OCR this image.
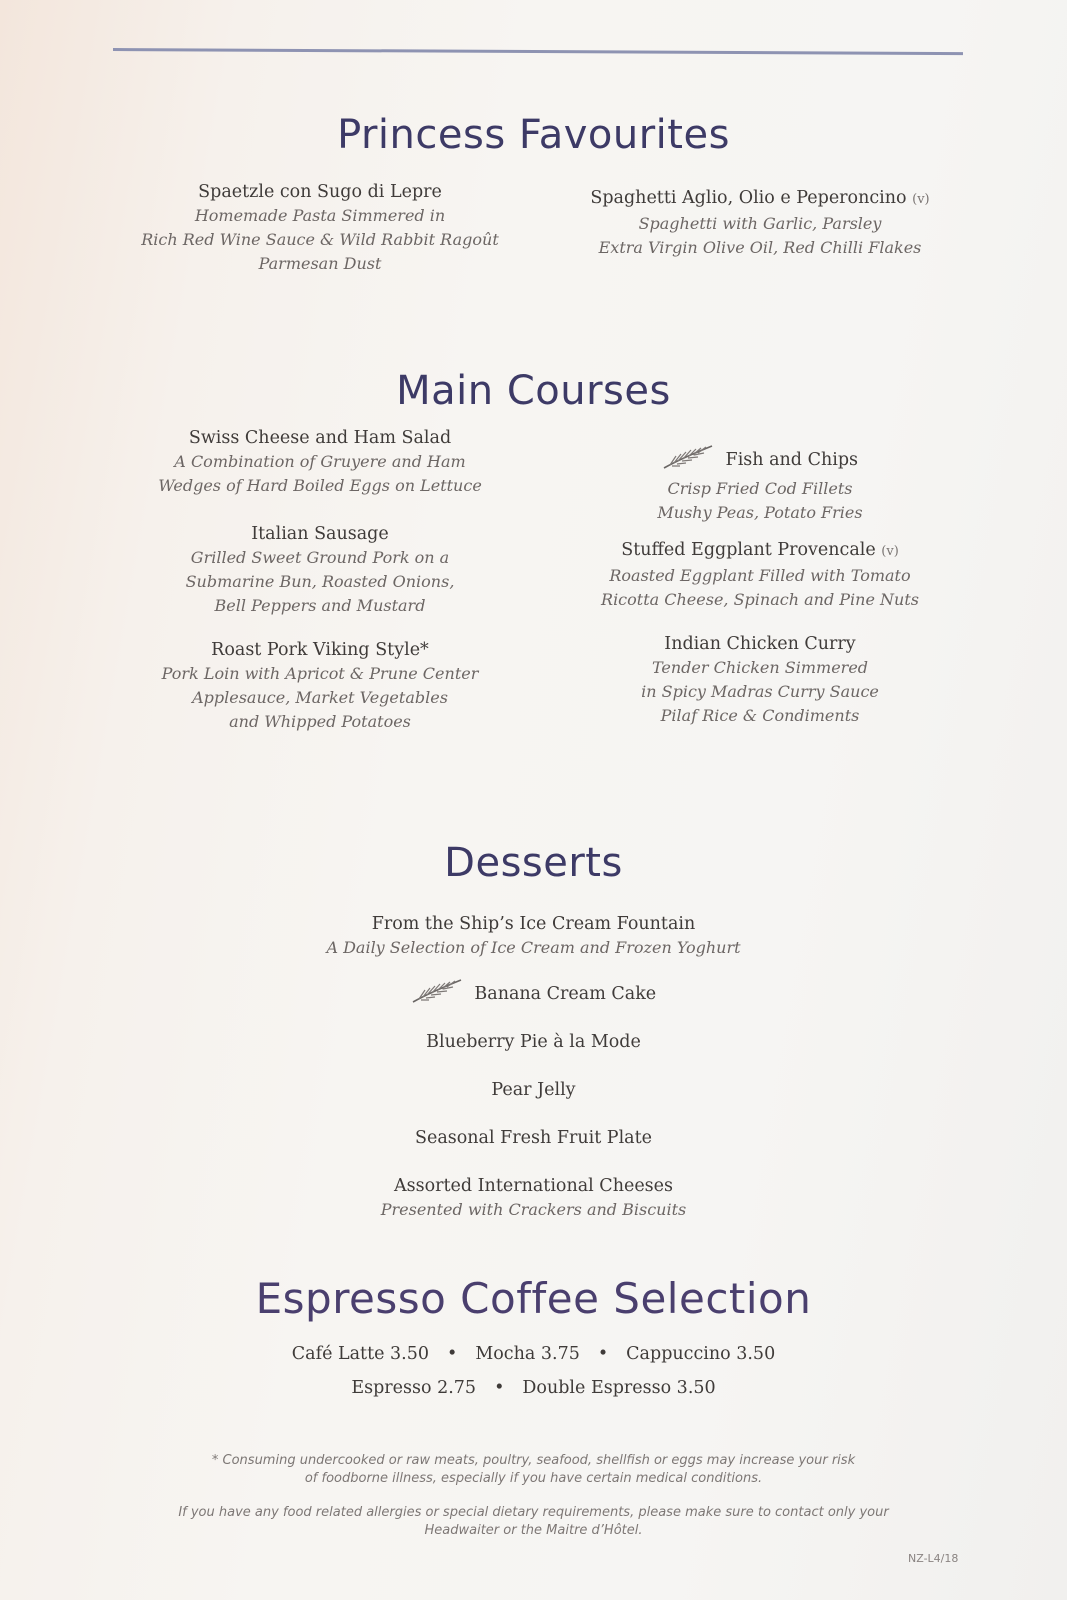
Princess Favourites
Spaetzle con Sugo di Lepre
Homemade Pasta Simmered in
Rich Red Wine Sauce & Wild Rabbit Ragoût
Parmesan Dust
Spaghetti Aglio, Olio e Peperoncino (v)
Spaghetti with Garlic, Parsley
Extra Virgin Olive Oil, Red Chilli Flakes
Main Courses
Swiss Cheese and Ham Salad
A Combination of Gruyere and Ham
Wedges of Hard Boiled Eggs on Lettuce
Italian Sausage
Grilled Sweet Ground Pork on a
Submarine Bun, Roasted Onions,
Bell Peppers and Mustard
Roast Pork Viking Style*
Pork Loin with Apricot & Prune Center
Applesauce, Market Vegetables
and Whipped Potatoes
Fish and Chips
Crisp Fried Cod Fillets
Mushy Peas, Potato Fries
Stuffed Eggplant Provencale (v)
Roasted Eggplant Filled with Tomato
Ricotta Cheese, Spinach and Pine Nuts
Indian Chicken Curry
Tender Chicken Simmered
in Spicy Madras Curry Sauce
Pilaf Rice & Condiments
Desserts
From the Ship’s Ice Cream Fountain
A Daily Selection of Ice Cream and Frozen Yoghurt
Banana Cream Cake
Blueberry Pie à la Mode
Pear Jelly
Seasonal Fresh Fruit Plate
Assorted International Cheeses
Presented with Crackers and Biscuits
Espresso Coffee Selection
Café Latte 3.50 • Mocha 3.75 • Cappuccino 3.50
Espresso 2.75 • Double Espresso 3.50
* Consuming undercooked or raw meats, poultry, seafood, shellfish or eggs may increase your risk
of foodborne illness, especially if you have certain medical conditions.
If you have any food related allergies or special dietary requirements, please make sure to contact only your
Headwaiter or the Maitre d’Hôtel.
NZ-L4/18
